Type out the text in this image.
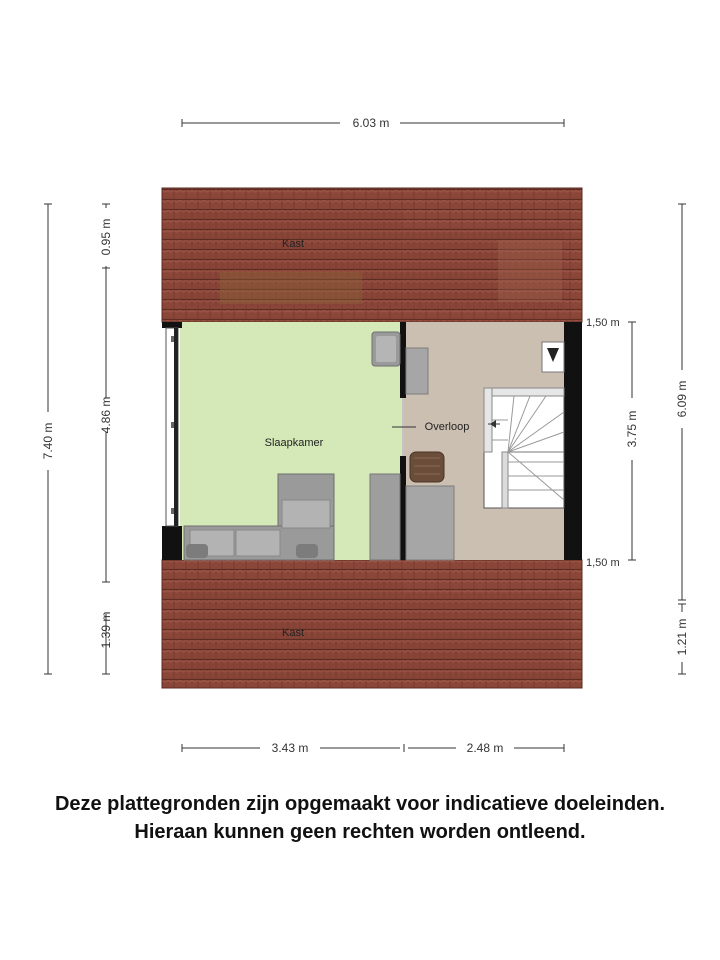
Kast
Kast
Slaapkamer
Overloop
6.03 m
3.43 m	2.48 m
7.40 m
0.95 m
4.86 m
1.39 m
6.09 m
3.75 m
1.21 m
1,50 m
1,50 m
Deze plattegronden zijn opgemaakt voor indicatieve doeleinden.
Hieraan kunnen geen rechten worden ontleend.
